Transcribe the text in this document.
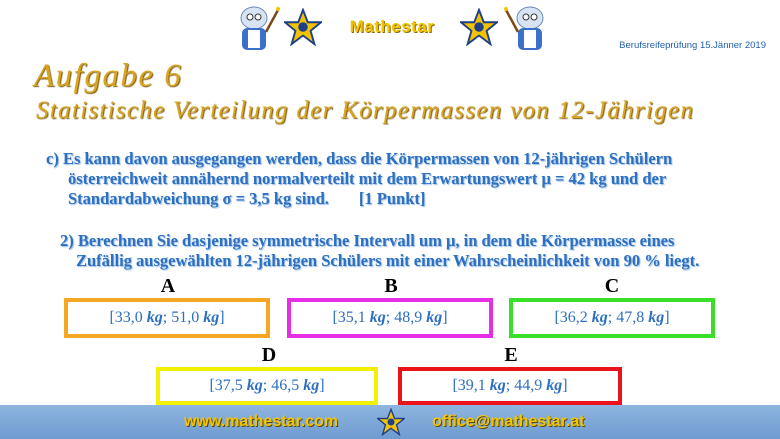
Mathestar
Berufsreifeprüfung 15.Jänner 2019
Aufgabe 6
Statistische Verteilung der Körpermassen von 12-Jährigen
c) Es kann davon ausgegangen werden, dass die Körpermassen von 12-jährigen Schülern
österreichweit annähernd normalverteilt mit dem Erwartungswert μ = 42 kg und der
Standardabweichung σ = 3,5 kg sind. [1 Punkt]
2) Berechnen Sie dasjenige symmetrische Intervall um μ, in dem die Körpermasse eines
Zufällig ausgewählten 12-jährigen Schülers mit einer Wahrscheinlichkeit von 90 % liegt.
A
[33,0
kg ; 51,0
kg ]
B
[35,1
kg ; 48,9
kg ]
C
[36,2
kg ; 47,8
kg ]
D
[37,5
kg ; 46,5
kg ]
E
[39,1
kg ; 44,9
kg ]
www.mathestar.com	office@mathestar.at
